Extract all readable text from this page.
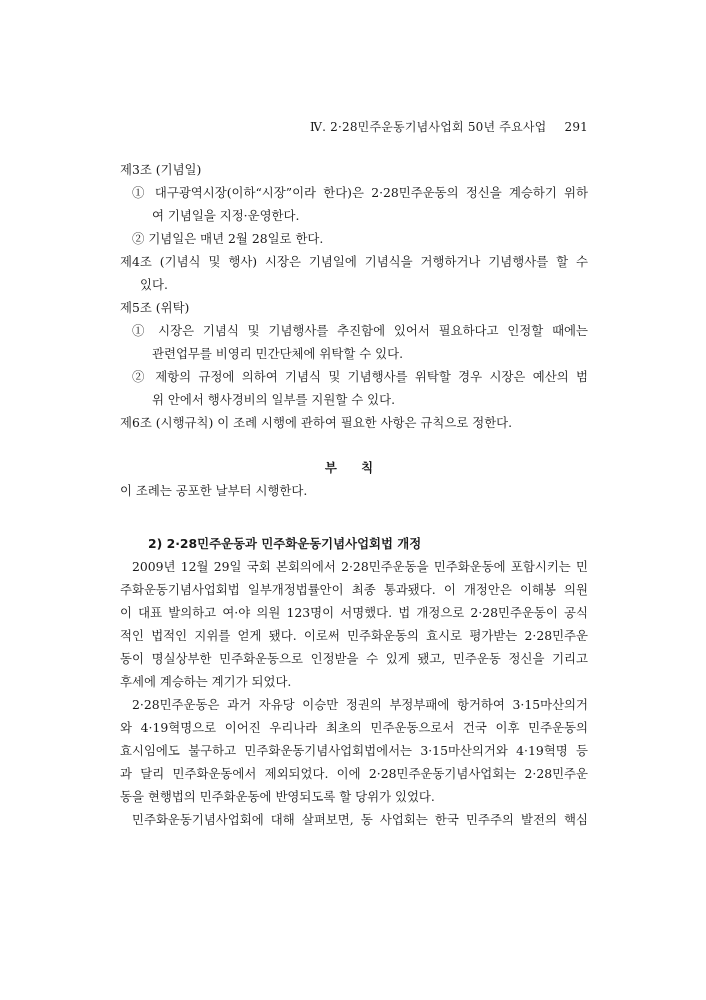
Ⅳ. 2·28민주운동기념사업회 50년 주요사업 291
제3조 (기념일)
① 대구광역시장(이하“시장”이라 한다)은 2·28민주운동의 정신을 계승하기 위하
여 기념일을 지정·운영한다.
② 기념일은 매년 2월 28일로 한다.
제4조 (기념식 및 행사) 시장은 기념일에 기념식을 거행하거나 기념행사를 할 수
있다.
제5조 (위탁)
① 시장은 기념식 및 기념행사를 추진함에 있어서 필요하다고 인정할 때에는
관련업무를 비영리 민간단체에 위탁할 수 있다.
② 제항의 규정에 의하여 기념식 및 기념행사를 위탁할 경우 시장은 예산의 범
위 안에서 행사경비의 일부를 지원할 수 있다.
제6조 (시행규칙) 이 조례 시행에 관하여 필요한 사항은 규칙으로 정한다.
부 칙
이 조례는 공포한 날부터 시행한다.
2) 2·28민주운동과 민주화운동기념사업회법 개정
2009년 12월 29일 국회 본회의에서 2·28민주운동을 민주화운동에 포함시키는 민
주화운동기념사업회법 일부개정법률안이 최종 통과됐다. 이 개정안은 이해봉 의원
이 대표 발의하고 여·야 의원 123명이 서명했다. 법 개정으로 2·28민주운동이 공식
적인 법적인 지위를 얻게 됐다. 이로써 민주화운동의 효시로 평가받는 2·28민주운
동이 명실상부한 민주화운동으로 인정받을 수 있게 됐고, 민주운동 정신을 기리고
후세에 계승하는 계기가 되었다.
2·28민주운동은 과거 자유당 이승만 정권의 부정부패에 항거하여 3·15마산의거
와 4·19혁명으로 이어진 우리나라 최초의 민주운동으로서 건국 이후 민주운동의
효시임에도 불구하고 민주화운동기념사업회법에서는 3·15마산의거와 4·19혁명 등
과 달리 민주화운동에서 제외되었다. 이에 2·28민주운동기념사업회는 2·28민주운
동을 현행법의 민주화운동에 반영되도록 할 당위가 있었다.
민주화운동기념사업회에 대해 살펴보면, 동 사업회는 한국 민주주의 발전의 핵심
